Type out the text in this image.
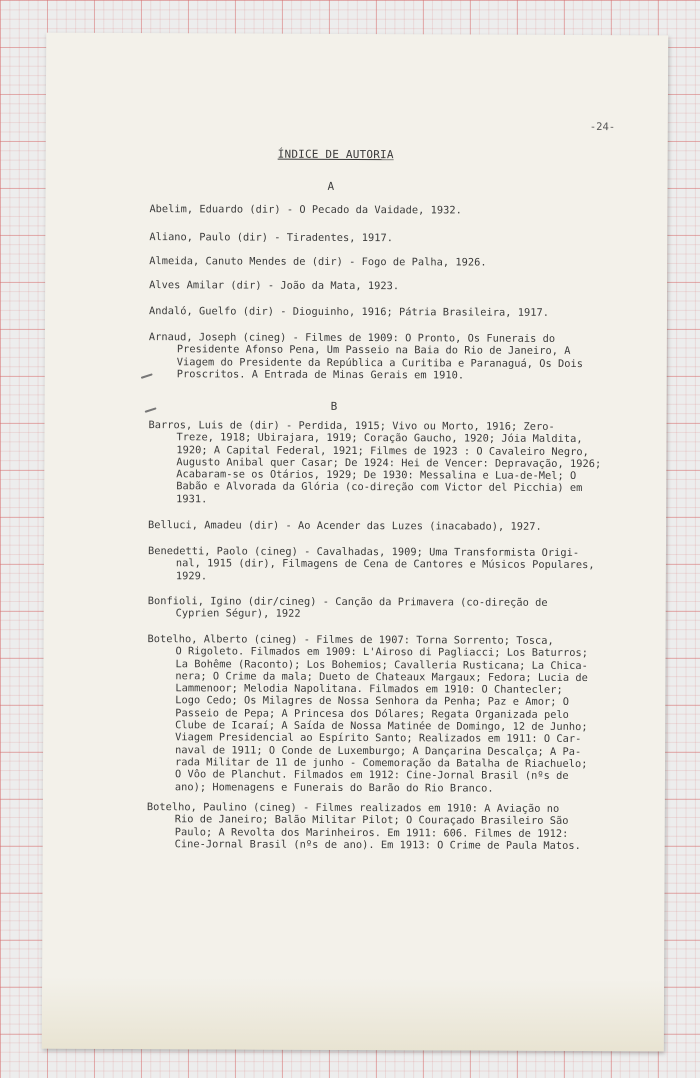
-24-
ÍNDICE DE AUTORIA
A
Abelim, Eduardo (dir) - O Pecado da Vaidade, 1932.
Aliano, Paulo (dir) - Tiradentes, 1917.
Almeida, Canuto Mendes de (dir) - Fogo de Palha, 1926.
Alves Amilar (dir) - João da Mata, 1923.
Andaló, Guelfo (dir) - Dioguinho, 1916; Pátria Brasileira, 1917.
Arnaud, Joseph (cineg) - Filmes de 1909: O Pronto, Os Funerais do
Presidente Afonso Pena, Um Passeio na Baia do Rio de Janeiro, A
Viagem do Presidente da República a Curitiba e Paranaguá, Os Dois
Proscritos. A Entrada de Minas Gerais em 1910.
B
Barros, Luis de (dir) - Perdida, 1915; Vivo ou Morto, 1916; Zero-
Treze, 1918; Ubirajara, 1919; Coração Gaucho, 1920; Jóia Maldita,
1920; A Capital Federal, 1921; Filmes de 1923 : O Cavaleiro Negro,
Augusto Anibal quer Casar; De 1924: Hei de Vencer: Depravação, 1926;
Acabaram-se os Otários, 1929; De 1930: Messalina e Lua-de-Mel; O
Babão e Alvorada da Glória (co-direção com Victor del Picchia) em
1931.
Belluci, Amadeu (dir) - Ao Acender das Luzes (inacabado), 1927.
Benedetti, Paolo (cineg) - Cavalhadas, 1909; Uma Transformista Origi-
nal, 1915 (dir), Filmagens de Cena de Cantores e Músicos Populares,
1929.
Bonfioli, Igino (dir/cineg) - Canção da Primavera (co-direção de
Cyprien Ségur), 1922
Botelho, Alberto (cineg) - Filmes de 1907: Torna Sorrento; Tosca,
O Rigoleto. Filmados em 1909: L'Airoso di Pagliacci; Los Baturros;
La Bohême (Raconto); Los Bohemios; Cavalleria Rusticana; La Chica-
nera; O Crime da mala; Dueto de Chateaux Margaux; Fedora; Lucia de
Lammenoor; Melodia Napolitana. Filmados em 1910: O Chantecler;
Logo Cedo; Os Milagres de Nossa Senhora da Penha; Paz e Amor; O
Passeio de Pepa; A Princesa dos Dólares; Regata Organizada pelo
Clube de Icaraí; A Saída de Nossa Matinée de Domingo, 12 de Junho;
Viagem Presidencial ao Espírito Santo; Realizados em 1911: O Car-
naval de 1911; O Conde de Luxemburgo; A Dançarina Descalça; A Pa-
rada Militar de 11 de junho - Comemoração da Batalha de Riachuelo;
O Vôo de Planchut. Filmados em 1912: Cine-Jornal Brasil (nºs de
ano); Homenagens e Funerais do Barão do Rio Branco.
Botelho, Paulino (cineg) - Filmes realizados em 1910: A Aviação no
Rio de Janeiro; Balão Militar Pilot; O Couraçado Brasileiro São
Paulo; A Revolta dos Marinheiros. Em 1911: 606. Filmes de 1912:
Cine-Jornal Brasil (nºs de ano). Em 1913: O Crime de Paula Matos.
